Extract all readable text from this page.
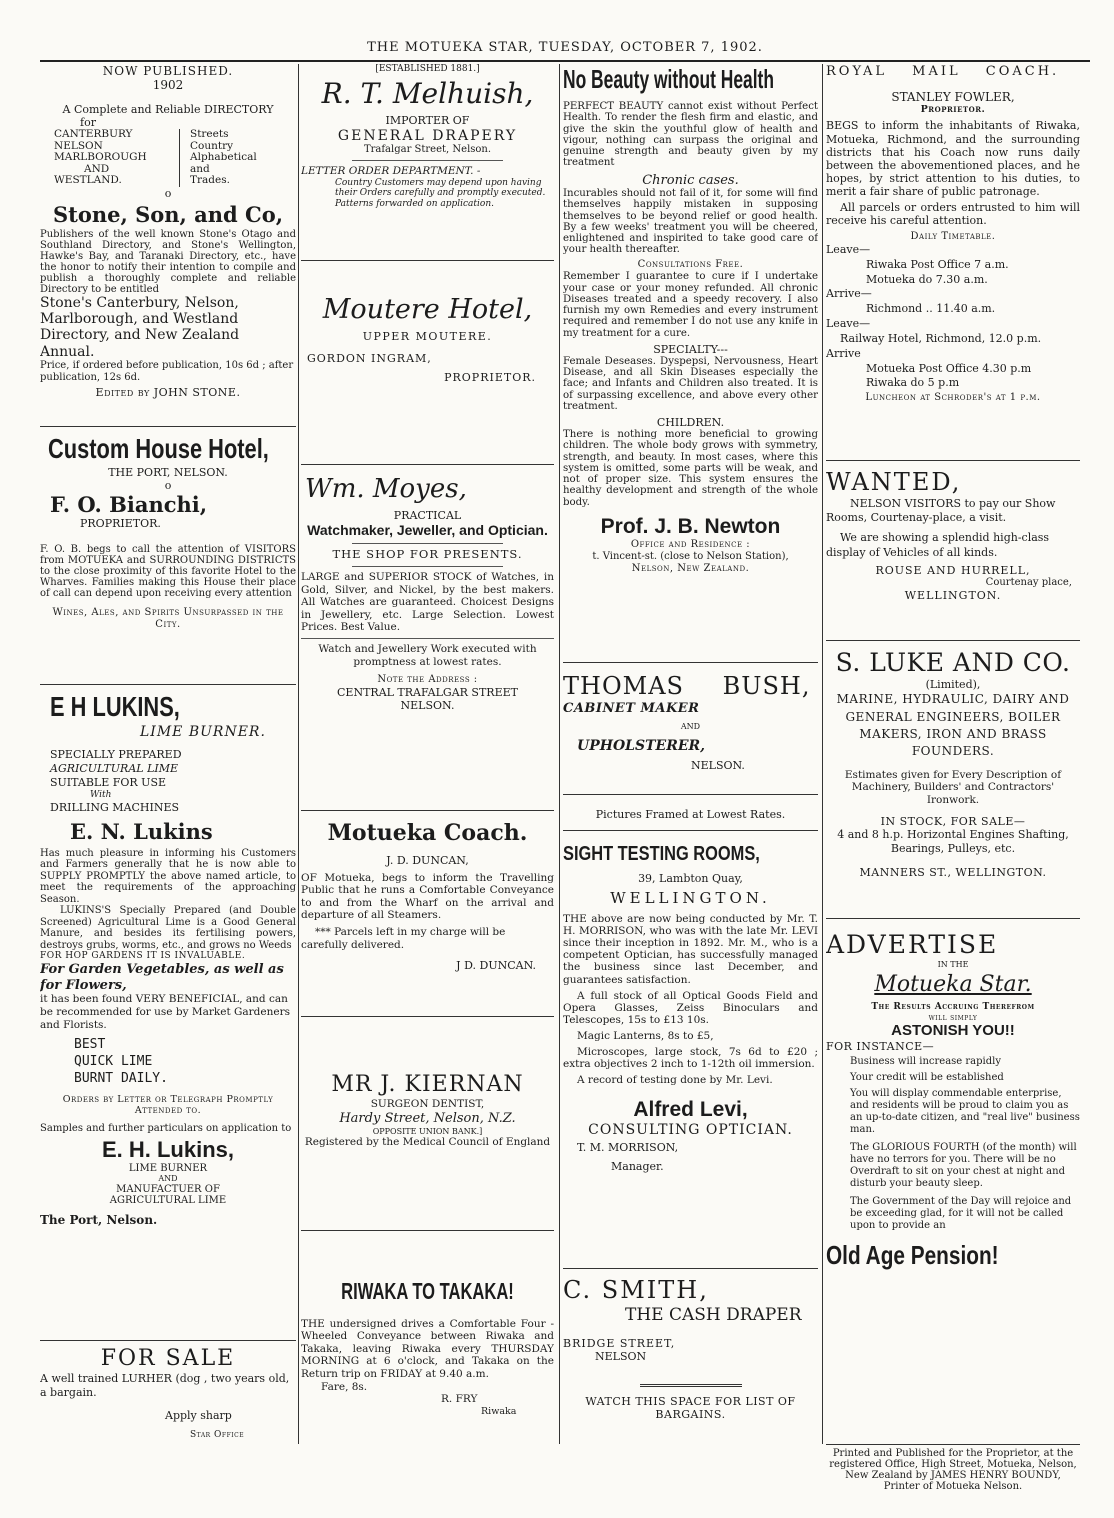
THE MOTUEKA STAR, TUESDAY, OCTOBER 7, 1902.

NOW PUBLISHED.

1902

A Complete and Reliable DIRECTORY

for

CANTERBURY
NELSON
MARLBOROUGH
AND
WESTLAND.
Streets
Country
Alphabetical
and
Trades.

o

Stone, Son, and Co,

Publishers of the well known Stone's Otago and Southland Directory, and Stone's Wellington, Hawke's Bay, and Taranaki Directory, etc., have the honor to notify their intention to compile and publish a thoroughly complete and reliable Directory to be entitled

Stone's Canterbury, Nelson, Marlborough, and Westland Directory, and New Zealand Annual.

Price, if ordered before publication, 10s 6d ; after publication, 12s 6d.

Edited by JOHN STONE.

Custom House Hotel,

THE PORT, NELSON.

o

F. O. Bianchi,

PROPRIETOR.

F. O. B. begs to call the attention of VISITORS from MOTUEKA and SURROUNDING DISTRICTS to the close proximity of this favorite Hotel to the Wharves. Families making this House their place of call can depend upon receiving every attention

Wines, Ales, and Spirits Unsurpassed in the City.

E H LUKINS,

LIME BURNER.

SPECIALLY PREPARED

AGRICULTURAL LIME

SUITABLE FOR USE

With

DRILLING MACHINES

E. N. Lukins

Has much pleasure in informing his Customers and Farmers generally that he is now able to SUPPLY PROMPTLY the above named article, to meet the requirements of the approaching Season.

LUKINS'S Specially Prepared (and Double Screened) Agricultural Lime is a Good General Manure, and besides its fertilising powers, destroys grubs, worms, etc., and grows no Weeds

FOR HOP GARDENS IT IS INVALUABLE.

For Garden Vegetables, as well as for Flowers,

it has been found VERY BENEFICIAL, and can be recommended for use by Market Gardeners and Florists.

BEST

QUICK LIME

BURNT DAILY.

Orders by Letter or Telegraph Promptly Attended to.

Samples and further particulars on application to

E. H. Lukins,

LIME BURNER

AND

MANUFACTUER OF

AGRICULTURAL LIME

The Port, Nelson.

FOR SALE

A well trained LURHER (dog , two years old, a bargain.

Apply sharp

Star Office

[ESTABLISHED 1881.]

R. T. Melhuish,

IMPORTER OF

GENERAL DRAPERY

Trafalgar Street, Nelson.

LETTER ORDER DEPARTMENT. -

Country Customers may depend upon having their Orders carefully and promptly executed. Patterns forwarded on application.

Moutere Hotel,

UPPER MOUTERE.

GORDON INGRAM,

PROPRIETOR.

Wm. Moyes,

PRACTICAL

Watchmaker, Jeweller, and Optician.

THE SHOP FOR PRESENTS.

LARGE and SUPERIOR STOCK of Watches, in Gold, Silver, and Nickel, by the best makers. All Watches are guaranteed. Choicest Designs in Jewellery, etc. Large Selection. Lowest Prices. Best Value.

Watch and Jewellery Work executed with promptness at lowest rates.

Note the Address :

CENTRAL TRAFALGAR STREET

NELSON.

Motueka Coach.

J. D. DUNCAN,

OF Motueka, begs to inform the Travelling Public that he runs a Comfortable Conveyance to and from the Wharf on the arrival and departure of all Steamers.

*** Parcels left in my charge will be carefully delivered.

J D. DUNCAN.

MR J. KIERNAN

SURGEON DENTIST,

Hardy Street, Nelson, N.Z.

OPPOSITE UNION BANK.]

Registered by the Medical Council of England

RIWAKA TO TAKAKA!

THE undersigned drives a Comfortable Four - Wheeled Conveyance between Riwaka and Takaka, leaving Riwaka every THURSDAY MORNING at 6 o'clock, and Takaka on the Return trip on FRIDAY at 9.40 a.m.

Fare, 8s.

R. FRY

Riwaka

No Beauty without Health

PERFECT BEAUTY cannot exist without Perfect Health. To render the flesh firm and elastic, and give the skin the youthful glow of health and vigour, nothing can surpass the original and genuine strength and beauty given by my treatment

Chronic cases.

Incurables should not fail of it, for some will find themselves happily mistaken in supposing themselves to be beyond relief or good health. By a few weeks' treatment you will be cheered, enlightened and inspirited to take good care of your health thereafter.

Consultations Free.

Remember I guarantee to cure if I undertake your case or your money refunded. All chronic Diseases treated and a speedy recovery. I also furnish my own Remedies and every instrument required and remember I do not use any knife in my treatment for a cure.

SPECIALTY---

Female Deseases. Dyspepsi, Nervousness, Heart Disease, and all Skin Diseases especially the face; and Infants and Children also treated. It is of surpassing excellence, and above every other treatment.

CHILDREN.

There is nothing more beneficial to growing children. The whole body grows with symmetry, strength, and beauty. In most cases, where this system is omitted, some parts will be weak, and not of proper size. This system ensures the healthy development and strength of the whole body.

Prof. J. B. Newton

Office and Residence :

t. Vincent-st. (close to Nelson Station),

Nelson, New Zealand.

THOMAS BUSH,

CABINET MAKER

AND

UPHOLSTERER,

NELSON.

Pictures Framed at Lowest Rates.

SIGHT TESTING ROOMS,

39, Lambton Quay,

WELLINGTON.

THE above are now being conducted by Mr. T. H. MORRISON, who was with the late Mr. LEVI since their inception in 1892. Mr. M., who is a competent Optician, has successfully managed the business since last December, and guarantees satisfaction.

A full stock of all Optical Goods Field and Opera Glasses, Zeiss Binoculars and Telescopes, 15s to £13 10s.

Magic Lanterns, 8s to £5,

Microscopes, large stock, 7s 6d to £20 ; extra objectives 2 inch to 1-12th oil immersion.

A record of testing done by Mr. Levi.

Alfred Levi,

CONSULTING OPTICIAN.

T. M. MORRISON,

Manager.

C. SMITH,

THE CASH DRAPER

BRIDGE STREET,

NELSON

WATCH THIS SPACE FOR LIST OF BARGAINS.

ROYAL MAIL COACH.

STANLEY FOWLER,

Proprietor.

BEGS to inform the inhabitants of Riwaka, Motueka, Richmond, and the surrounding districts that his Coach now runs daily between the abovementioned places, and he hopes, by strict attention to his duties, to merit a fair share of public patronage.

All parcels or orders entrusted to him will receive his careful attention.

Daily Timetable.

Leave—

Riwaka Post Office 7 a.m.

Motueka do 7.30 a.m.

Arrive—

Richmond .. 11.40 a.m.

Leave—

Railway Hotel, Richmond, 12.0 p.m.

Arrive

Motueka Post Office 4.30 p.m

Riwaka do 5 p.m

Luncheon at Schroder's at 1 p.m.

WANTED,

NELSON VISITORS to pay our Show Rooms, Courtenay-place, a visit.

We are showing a splendid high-class display of Vehicles of all kinds.

ROUSE AND HURRELL,

Courtenay place,

WELLINGTON.

S. LUKE AND CO.

(Limited),

MARINE, HYDRAULIC, DAIRY AND GENERAL ENGINEERS, BOILER MAKERS, IRON AND BRASS FOUNDERS.

Estimates given for Every Description of Machinery, Builders' and Contractors' Ironwork.

IN STOCK, FOR SALE—

4 and 8 h.p. Horizontal Engines Shafting, Bearings, Pulleys, etc.

MANNERS ST., WELLINGTON.

ADVERTISE

IN THE

Motueka Star.

The Results Accruing Therefrom

will simply

ASTONISH YOU!!

FOR INSTANCE—

Business will increase rapidly

Your credit will be established

You will display commendable enterprise, and residents will be proud to claim you as an up-to-date citizen, and "real live" business man.

The GLORIOUS FOURTH (of the month) will have no terrors for you. There will be no Overdraft to sit on your chest at night and disturb your beauty sleep.

The Government of the Day will rejoice and be exceeding glad, for it will not be called upon to provide an

Old Age Pension!

Printed and Published for the Proprietor, at the registered Office, High Street, Motueka, Nelson, New Zealand by JAMES HENRY BOUNDY, Printer of Motueka Nelson.
